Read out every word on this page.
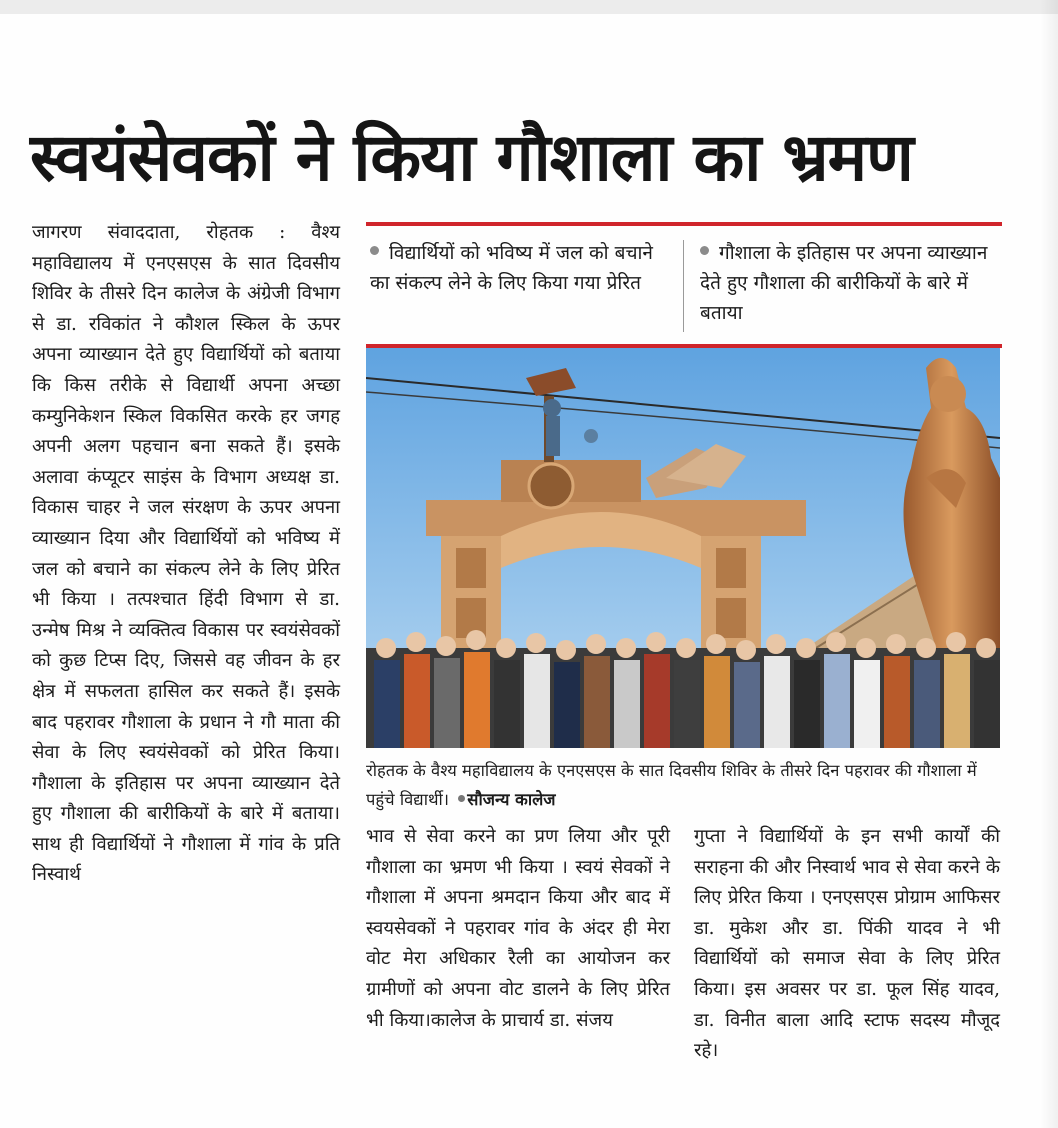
स्वयंसेवकों ने किया गौशाला का भ्रमण

जागरण संवाददाता, रोहतक : वैश्य महाविद्यालय में एनएसएस के सात दिवसीय शिविर के तीसरे दिन कालेज के अंग्रेजी विभाग से डा. रविकांत ने कौशल स्किल के ऊपर अपना व्याख्यान देते हुए विद्यार्थियों को बताया कि किस तरीके से विद्यार्थी अपना अच्छा कम्युनिकेशन स्किल विकसित करके हर जगह अपनी अलग पहचान बना सकते हैं। इसके अलावा कंप्यूटर साइंस के विभाग अध्यक्ष डा. विकास चाहर ने जल संरक्षण के ऊपर अपना व्याख्यान दिया और विद्यार्थियों को भविष्य में जल को बचाने का संकल्प लेने के लिए प्रेरित भी किया । तत्पश्चात हिंदी विभाग से डा. उन्मेष मिश्र ने व्यक्तित्व विकास पर स्वयंसेवकों को कुछ टिप्स दिए, जिससे वह जीवन के हर क्षेत्र में सफलता हासिल कर सकते हैं। इसके बाद पहरावर गौशाला के प्रधान ने गौ माता की सेवा के लिए स्वयंसेवकों को प्रेरित किया। गौशाला के इतिहास पर अपना व्याख्यान देते हुए गौशाला की बारीकियों के बारे में बताया। साथ ही विद्यार्थियों ने गौशाला में गांव के प्रति निस्वार्थ

विद्यार्थियों को भविष्य में जल को बचाने का संकल्प लेने के लिए किया गया प्रेरित
गौशाला के इतिहास पर अपना व्याख्यान देते हुए गौशाला की बारीकियों के बारे में बताया
रोहतक के वैश्य महाविद्यालय के एनएसएस के सात दिवसीय शिविर के तीसरे दिन पहरावर की गौशाला में पहुंचे विद्यार्थी। सौजन्य कालेज

भाव से सेवा करने का प्रण लिया और पूरी गौशाला का भ्रमण भी किया । स्वयं सेवकों ने गौशाला में अपना श्रमदान किया और बाद में स्वयसेवकों ने पहरावर गांव के अंदर ही मेरा वोट मेरा अधिकार रैली का आयोजन कर ग्रामीणों को अपना वोट डालने के लिए प्रेरित भी किया।कालेज के प्राचार्य डा. संजय

गुप्ता ने विद्यार्थियों के इन सभी कार्यों की सराहना की और निस्वार्थ भाव से सेवा करने के लिए प्रेरित किया । एनएसएस प्रोग्राम आफिसर डा. मुकेश और डा. पिंकी यादव ने भी विद्यार्थियों को समाज सेवा के लिए प्रेरित किया। इस अवसर पर डा. फूल सिंह यादव, डा. विनीत बाला आदि स्टाफ सदस्य मौजूद रहे।
